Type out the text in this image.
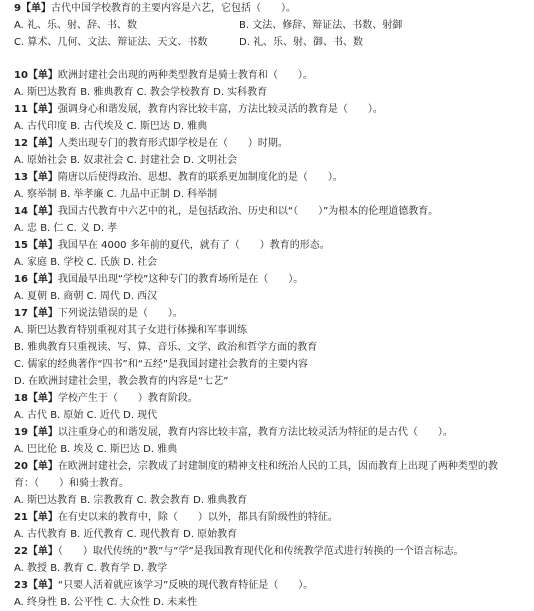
9【单】古代中国学校教育的主要内容是六艺，它包括（　　）。
A. 礼、乐、射、辞、书、数	B. 文法、修辞、辩证法、书数、射御
C. 算术、几何、文法、辩证法、天文、书数	D. 礼、乐、射、御、书、数
10【单】欧洲封建社会出现的两种类型教育是骑士教育和（　　）。
A. 斯巴达教育 B. 雅典教育 C. 教会学校教育 D. 实科教育
11【单】强调身心和谐发展，教育内容比较丰富，方法比较灵活的教育是（　　）。
A. 古代印度 B. 古代埃及 C. 斯巴达 D. 雅典
12【单】人类出现专门的教育形式即学校是在（　　）时期。
A. 原始社会 B. 奴隶社会 C. 封建社会 D. 文明社会
13【单】隋唐以后使得政治、思想、教育的联系更加制度化的是（　　）。
A. 察举制 B. 举孝廉 C. 九品中正制 D. 科举制
14【单】我国古代教育中六艺中的礼，是包括政治、历史和以“（　　）”为根本的伦理道德教育。
A. 忠 B. 仁 C. 义 D. 孝
15【单】我国早在 4000 多年前的夏代，就有了（　　）教育的形态。
A. 家庭 B. 学校 C. 氏族 D. 社会
16【单】我国最早出现“学校”这种专门的教育场所是在（　　）。
A. 夏朝 B. 商朝 C. 周代 D. 西汉
17【单】下列说法错误的是（　　）。
A. 斯巴达教育特别重视对其子女进行体操和军事训练
B. 雅典教育只重视读、写、算、音乐、文学、政治和哲学方面的教育
C. 儒家的经典著作“四书”和“五经”是我国封建社会教育的主要内容
D. 在欧洲封建社会里，教会教育的内容是“七艺”
18【单】学校产生于（　　）教育阶段。
A. 古代 B. 原始 C. 近代 D. 现代
19【单】以注重身心的和谐发展，教育内容比较丰富，教育方法比较灵活为特征的是古代（　　）。
A. 巴比伦 B. 埃及 C. 斯巴达 D. 雅典
20【单】在欧洲封建社会，宗教成了封建制度的精神支柱和统治人民的工具，因而教育上出现了两种类型的教
育：（　　）和骑士教育。
A. 斯巴达教育 B. 宗教教育 C. 教会教育 D. 雅典教育
21【单】在有史以来的教育中，除（　　）以外，都具有阶级性的特征。
A. 古代教育 B. 近代教育 C. 现代教育 D. 原始教育
22【单】（　　）取代传统的“教”与“学”是我国教育现代化和传统教学范式进行转换的一个语言标志。
A. 教授 B. 教育 C. 教育学 D. 教学
23【单】“只要人活着就应该学习”反映的现代教育特征是（　　）。
A. 终身性 B. 公平性 C. 大众性 D. 未来性
